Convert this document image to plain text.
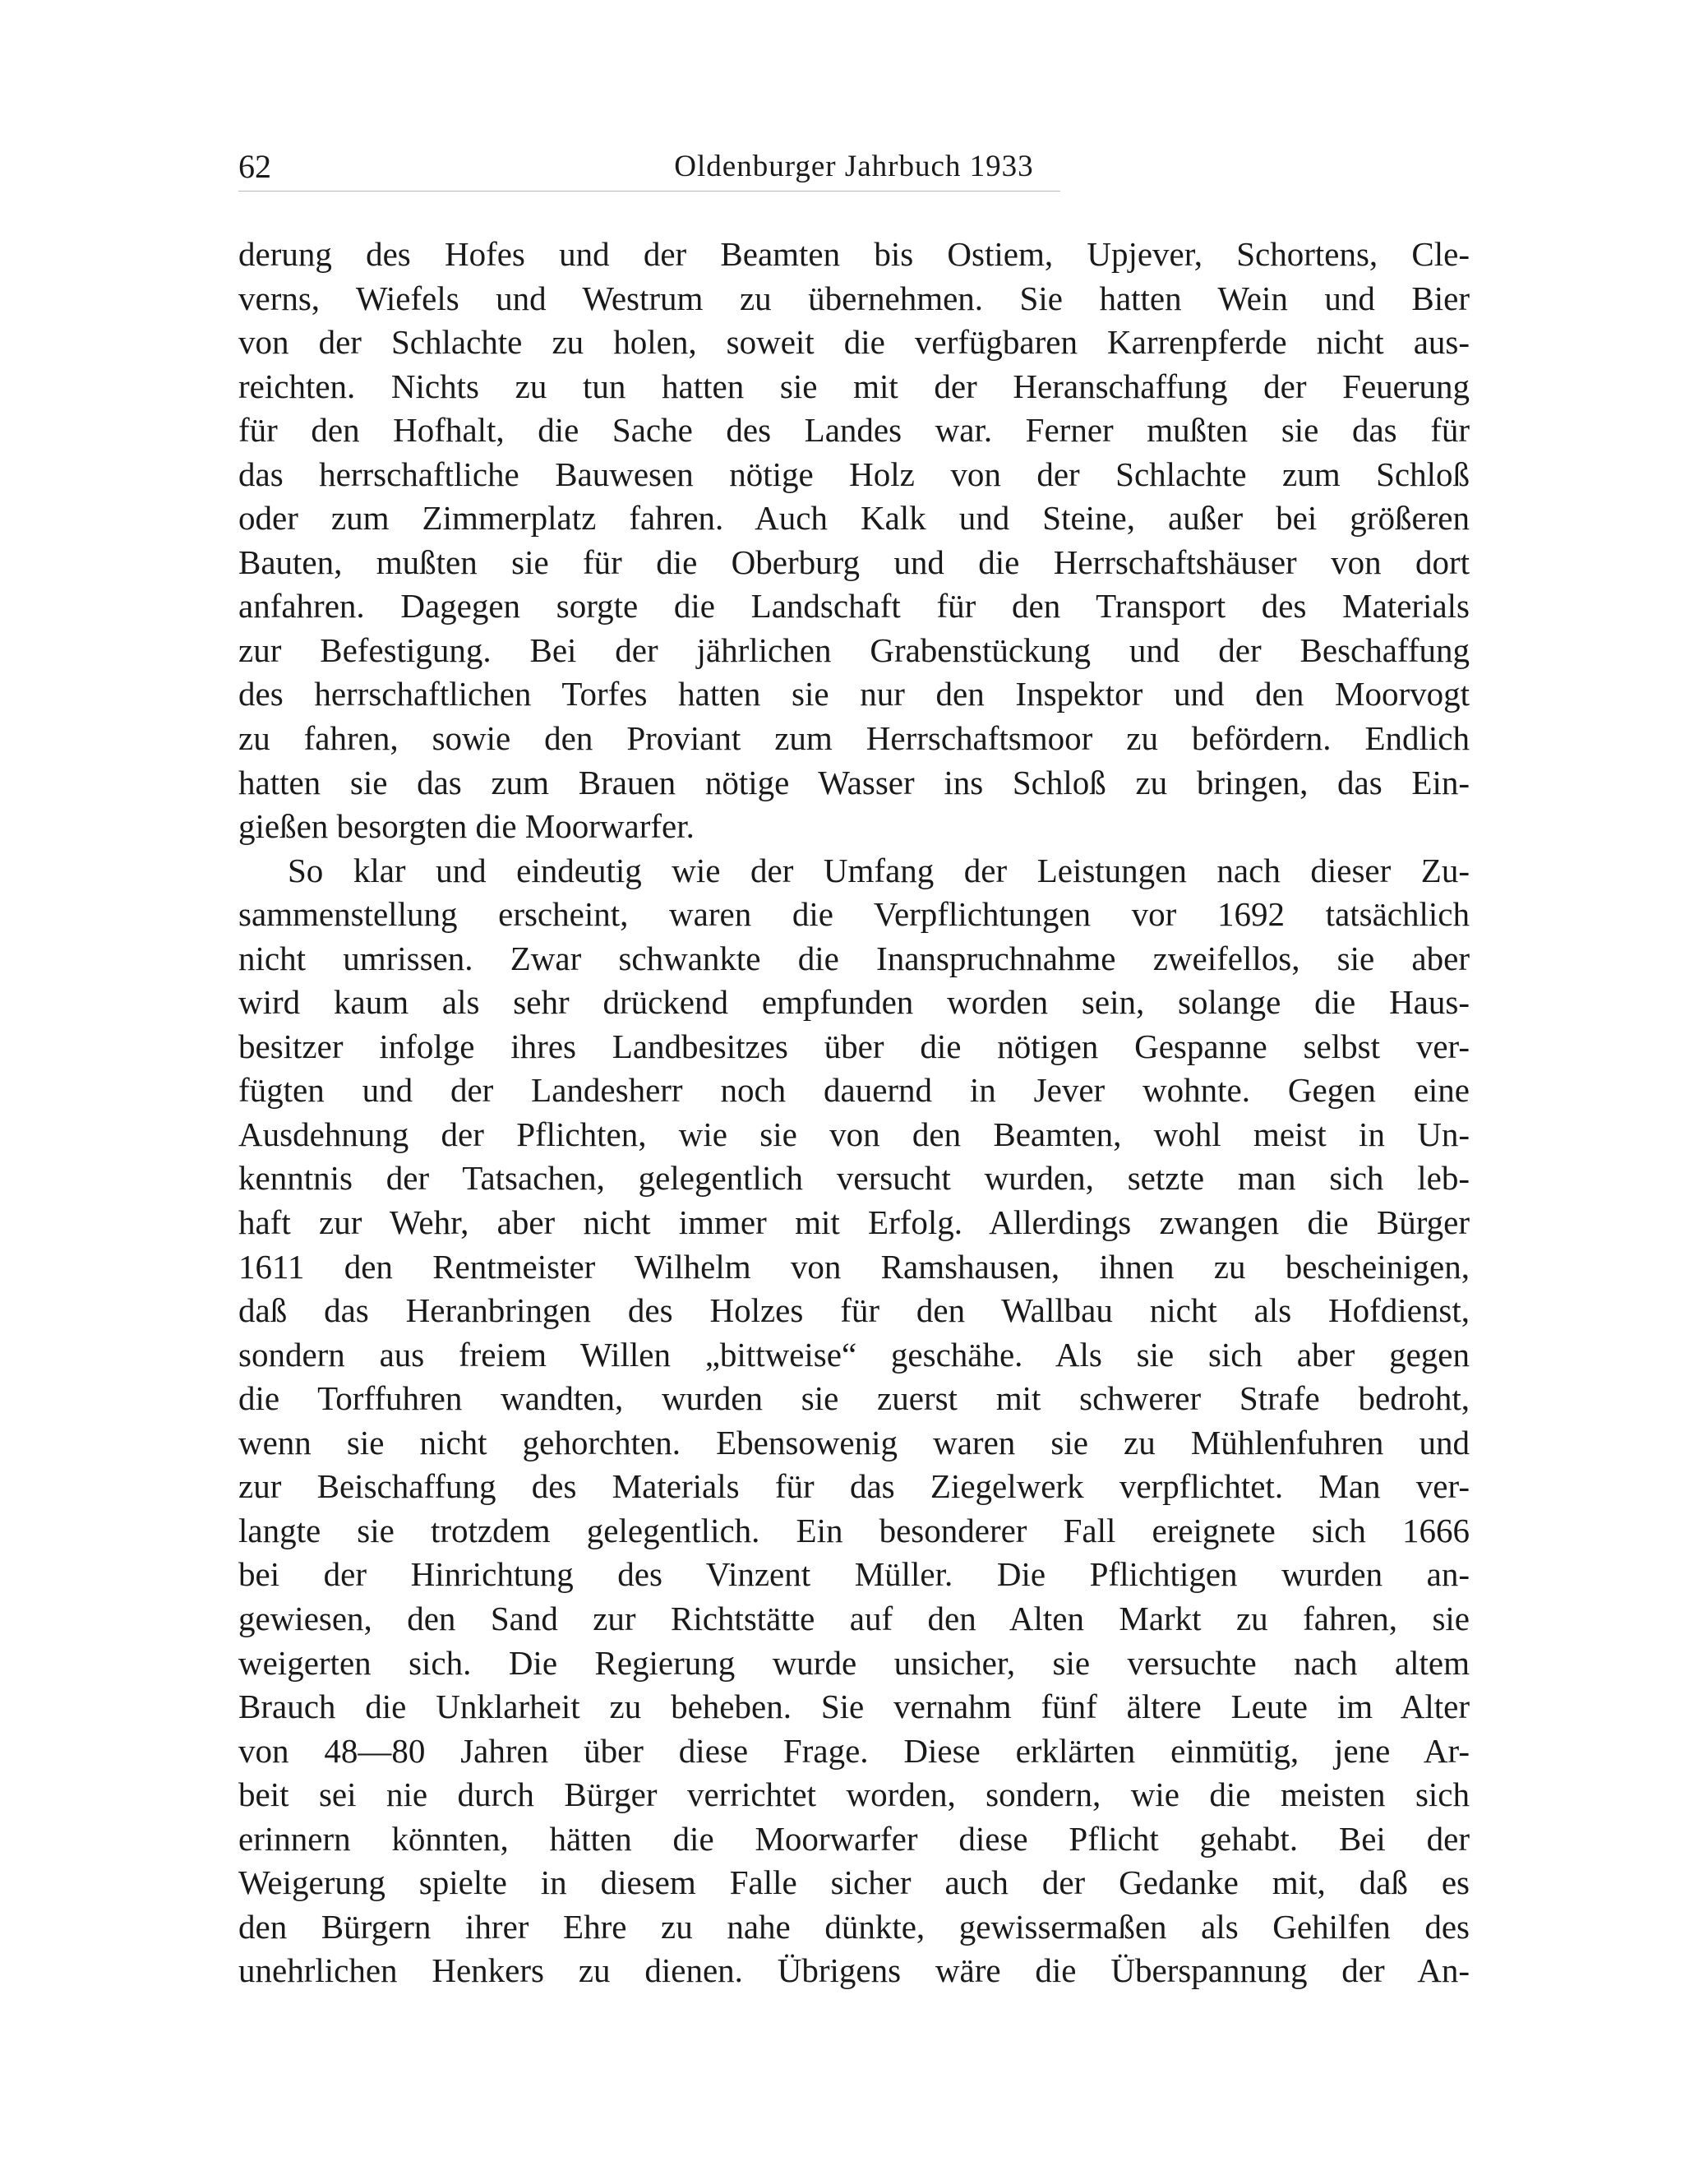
62	Oldenburger Jahrbuch 1933
derung des Hofes und der Beamten bis Ostiem, Upjever, Schortens, Cle-
verns, Wiefels und Westrum zu übernehmen. Sie hatten Wein und Bier
von der Schlachte zu holen, soweit die verfügbaren Karrenpferde nicht aus-
reichten. Nichts zu tun hatten sie mit der Heranschaffung der Feuerung
für den Hofhalt, die Sache des Landes war. Ferner mußten sie das für
das herrschaftliche Bauwesen nötige Holz von der Schlachte zum Schloß
oder zum Zimmerplatz fahren. Auch Kalk und Steine, außer bei größeren
Bauten, mußten sie für die Oberburg und die Herrschaftshäuser von dort
anfahren. Dagegen sorgte die Landschaft für den Transport des Materials
zur Befestigung. Bei der jährlichen Grabenstückung und der Beschaffung
des herrschaftlichen Torfes hatten sie nur den Inspektor und den Moorvogt
zu fahren, sowie den Proviant zum Herrschaftsmoor zu befördern. Endlich
hatten sie das zum Brauen nötige Wasser ins Schloß zu bringen, das Ein-
gießen besorgten die Moorwarfer.
So klar und eindeutig wie der Umfang der Leistungen nach dieser Zu-
sammenstellung erscheint, waren die Verpflichtungen vor 1692 tatsächlich
nicht umrissen. Zwar schwankte die Inanspruchnahme zweifellos, sie aber
wird kaum als sehr drückend empfunden worden sein, solange die Haus-
besitzer infolge ihres Landbesitzes über die nötigen Gespanne selbst ver-
fügten und der Landesherr noch dauernd in Jever wohnte. Gegen eine
Ausdehnung der Pflichten, wie sie von den Beamten, wohl meist in Un-
kenntnis der Tatsachen, gelegentlich versucht wurden, setzte man sich leb-
haft zur Wehr, aber nicht immer mit Erfolg. Allerdings zwangen die Bürger
1611 den Rentmeister Wilhelm von Ramshausen, ihnen zu bescheinigen,
daß das Heranbringen des Holzes für den Wallbau nicht als Hofdienst,
sondern aus freiem Willen „bittweise“ geschähe. Als sie sich aber gegen
die Torffuhren wandten, wurden sie zuerst mit schwerer Strafe bedroht,
wenn sie nicht gehorchten. Ebensowenig waren sie zu Mühlenfuhren und
zur Beischaffung des Materials für das Ziegelwerk verpflichtet. Man ver-
langte sie trotzdem gelegentlich. Ein besonderer Fall ereignete sich 1666
bei der Hinrichtung des Vinzent Müller. Die Pflichtigen wurden an-
gewiesen, den Sand zur Richtstätte auf den Alten Markt zu fahren, sie
weigerten sich. Die Regierung wurde unsicher, sie versuchte nach altem
Brauch die Unklarheit zu beheben. Sie vernahm fünf ältere Leute im Alter
von 48—80 Jahren über diese Frage. Diese erklärten einmütig, jene Ar-
beit sei nie durch Bürger verrichtet worden, sondern, wie die meisten sich
erinnern könnten, hätten die Moorwarfer diese Pflicht gehabt. Bei der
Weigerung spielte in diesem Falle sicher auch der Gedanke mit, daß es
den Bürgern ihrer Ehre zu nahe dünkte, gewissermaßen als Gehilfen des
unehrlichen Henkers zu dienen. Übrigens wäre die Überspannung der An-
